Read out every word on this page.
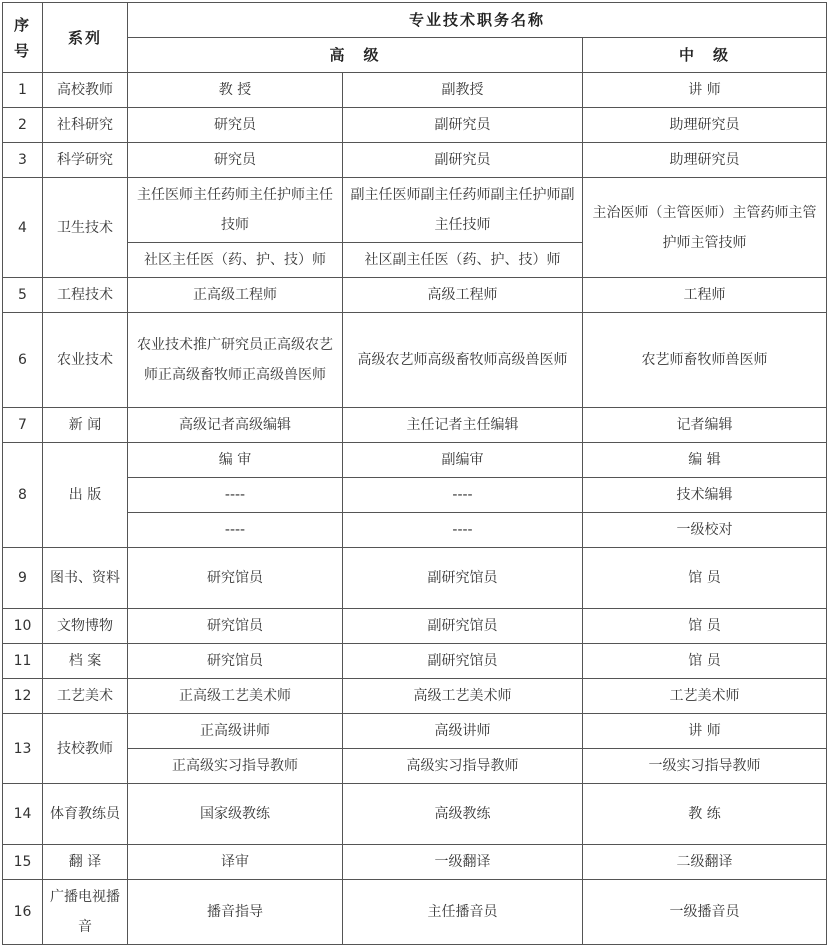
序号	系列	专业技术职务名称		
		高　级		中　级
1	高校教师	教 授	副教授	讲 师
2	社科研究	研究员	副研究员	助理研究员
3	科学研究	研究员	副研究员	助理研究员
4	卫生技术	主任医师主任药师主任护师主任技师	副主任医师副主任药师副主任护师副主任技师	主治医师（主管医师）主管药师主管护师主管技师
		社区主任医（药、护、技）师	社区副主任医（药、护、技）师	
5	工程技术	正高级工程师	高级工程师	工程师
6	农业技术	农业技术推广研究员正高级农艺师正高级畜牧师正高级兽医师	高级农艺师高级畜牧师高级兽医师	农艺师畜牧师兽医师
7	新 闻	高级记者高级编辑	主任记者主任编辑	记者编辑
8	出 版	编 审	副编审	编 辑
		----	----	技术编辑
		----	----	一级校对
9	图书、资料	研究馆员	副研究馆员	馆 员
10	文物博物	研究馆员	副研究馆员	馆 员
11	档 案	研究馆员	副研究馆员	馆 员
12	工艺美术	正高级工艺美术师	高级工艺美术师	工艺美术师
13	技校教师	正高级讲师	高级讲师	讲 师
		正高级实习指导教师	高级实习指导教师	一级实习指导教师
14	体育教练员	国家级教练	高级教练	教 练
15	翻 译	译审	一级翻译	二级翻译
16	广播电视播音	播音指导	主任播音员	一级播音员
